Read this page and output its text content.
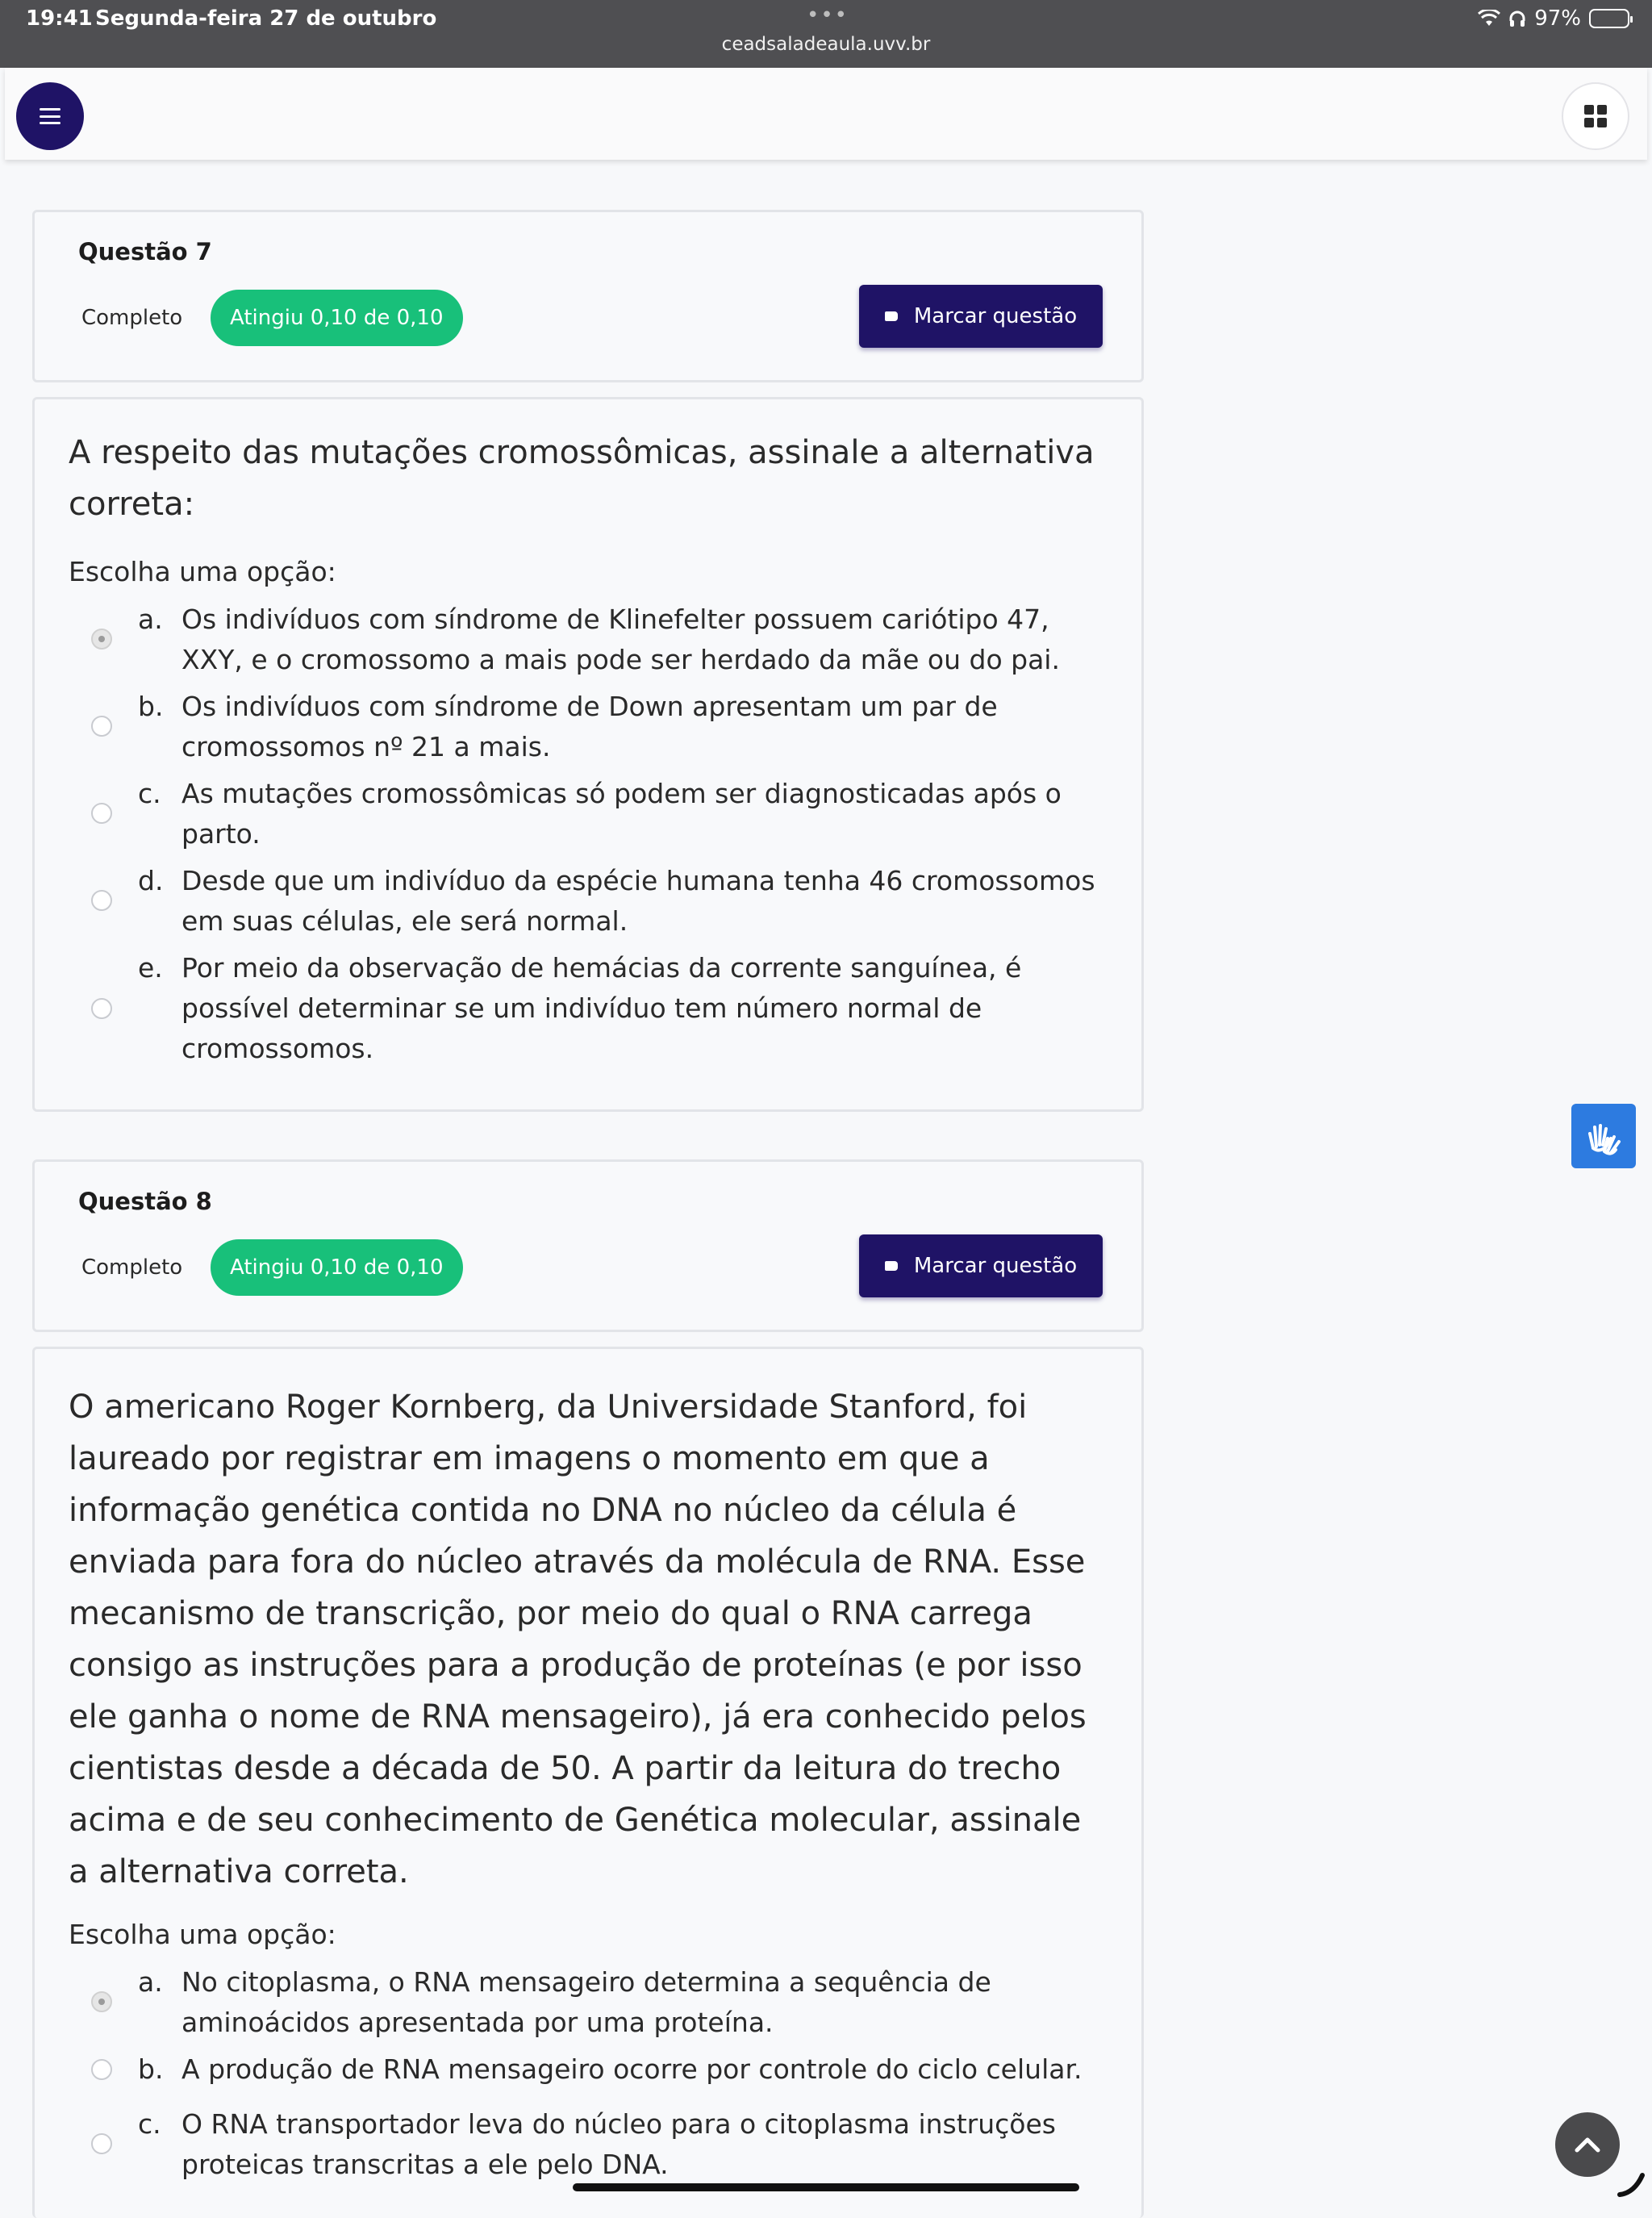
19:41 Segunda-feira 27 de outubro	•••
ceadsaladeaula.uvv.br
97%
Questão 7
Completo	Atingiu 0,10 de 0,10	Marcar questão
A respeito das mutações cromossômicas, assinale a alternativa correta:
Escolha uma opção:
a. Os indivíduos com síndrome de Klinefelter possuem cariótipo 47, XXY, e o cromossomo a mais pode ser herdado da mãe ou do pai.
b. Os indivíduos com síndrome de Down apresentam um par de cromossomos nº 21 a mais.
c. As mutações cromossômicas só podem ser diagnosticadas após o parto.
d. Desde que um indivíduo da espécie humana tenha 46 cromossomos em suas células, ele será normal.
e. Por meio da observação de hemácias da corrente sanguínea, é possível determinar se um indivíduo tem número normal de cromossomos.
Questão 8
Completo	Atingiu 0,10 de 0,10	Marcar questão
O americano Roger Kornberg, da Universidade Stanford, foi laureado por registrar em imagens o momento em que a informação genética contida no DNA no núcleo da célula é enviada para fora do núcleo através da molécula de RNA. Esse mecanismo de transcrição, por meio do qual o RNA carrega consigo as instruções para a produção de proteínas (e por isso ele ganha o nome de RNA mensageiro), já era conhecido pelos cientistas desde a década de 50. A partir da leitura do trecho acima e de seu conhecimento de Genética molecular, assinale a alternativa correta.
Escolha uma opção:
a. No citoplasma, o RNA mensageiro determina a sequência de aminoácidos apresentada por uma proteína.
b. A produção de RNA mensageiro ocorre por controle do ciclo celular.
c. O RNA transportador leva do núcleo para o citoplasma instruções proteicas transcritas a ele pelo DNA.
